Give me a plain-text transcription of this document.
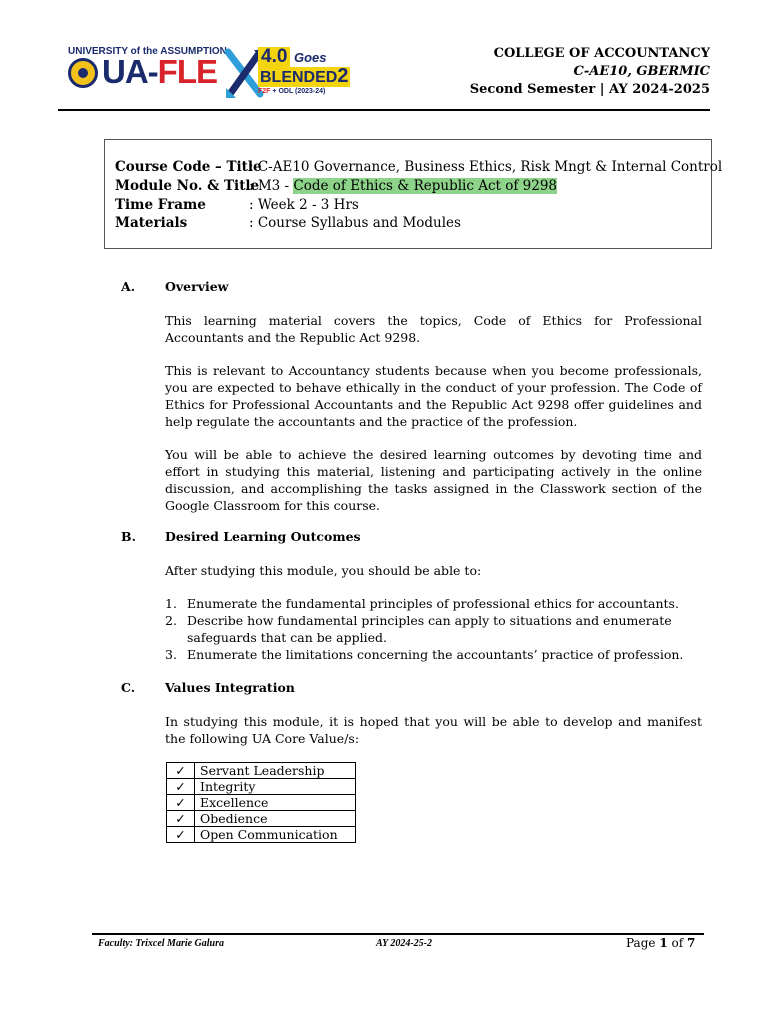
UNIVERSITY of the ASSUMPTION
UA-FLE 4.0 Goes
BLENDED2
F2F + ODL (2023-24)
COLLEGE OF ACCOUNTANCY
C-AE10, GBERMIC
Second Semester | AY 2024-2025
Course Code – Title: C-AE10 Governance, Business Ethics, Risk Mngt & Internal Control
Module No. & Title: M3 - Code of Ethics & Republic Act of 9298
Time Frame	: Week 2 - 3 Hrs
Materials	: Course Syllabus and Modules
A. Overview

This learning material covers the topics, Code of Ethics for Professional Accountants and the Republic Act 9298.

This is relevant to Accountancy students because when you become professionals, you are expected to behave ethically in the conduct of your profession. The Code of Ethics for Professional Accountants and the Republic Act 9298 offer guidelines and help regulate the accountants and the practice of the profession.

You will be able to achieve the desired learning outcomes by devoting time and effort in studying this material, listening and participating actively in the online discussion, and accomplishing the tasks assigned in the Classwork section of the Google Classroom for this course.

B. Desired Learning Outcomes

After studying this module, you should be able to:

1. Enumerate the fundamental principles of professional ethics for accountants.
2. Describe how fundamental principles can apply to situations and enumerate safeguards that can be applied.
3. Enumerate the limitations concerning the accountants’ practice of profession.
C. Values Integration

In studying this module, it is hoped that you will be able to develop and manifest the following UA Core Value/s:

✓	Servant Leadership
✓	Integrity
✓	Excellence
✓	Obedience
✓	Open Communication
Faculty: Trixcel Marie Galura	AY 2024-25-2	Page 1 of 7
